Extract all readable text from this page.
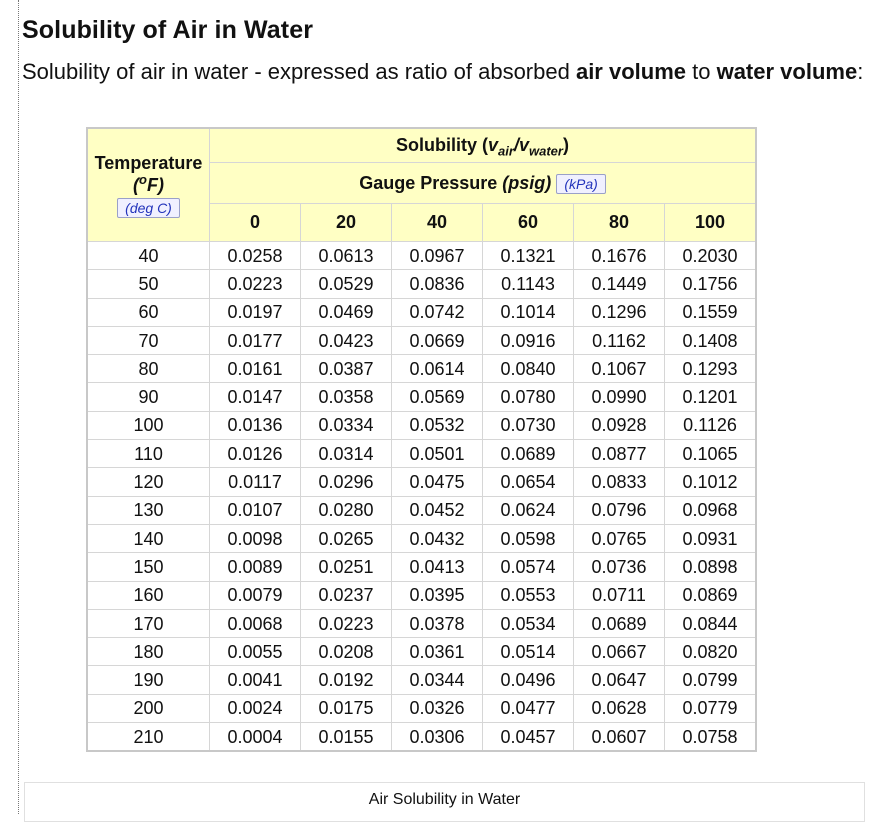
Solubility of Air in Water

Solubility of air in water - expressed as ratio of absorbed air volume to water volume:

Temperature
($^o$F)
(deg C)	Solubility $(v_{air}/v_{water})$					
	Gauge Pressure (psig) (kPa)					
	0	20	40	60	80	100
40	0.0258	0.0613	0.0967	0.1321	0.1676	0.2030
50	0.0223	0.0529	0.0836	0.1143	0.1449	0.1756
60	0.0197	0.0469	0.0742	0.1014	0.1296	0.1559
70	0.0177	0.0423	0.0669	0.0916	0.1162	0.1408
80	0.0161	0.0387	0.0614	0.0840	0.1067	0.1293
90	0.0147	0.0358	0.0569	0.0780	0.0990	0.1201
100	0.0136	0.0334	0.0532	0.0730	0.0928	0.1126
110	0.0126	0.0314	0.0501	0.0689	0.0877	0.1065
120	0.0117	0.0296	0.0475	0.0654	0.0833	0.1012
130	0.0107	0.0280	0.0452	0.0624	0.0796	0.0968
140	0.0098	0.0265	0.0432	0.0598	0.0765	0.0931
150	0.0089	0.0251	0.0413	0.0574	0.0736	0.0898
160	0.0079	0.0237	0.0395	0.0553	0.0711	0.0869
170	0.0068	0.0223	0.0378	0.0534	0.0689	0.0844
180	0.0055	0.0208	0.0361	0.0514	0.0667	0.0820
190	0.0041	0.0192	0.0344	0.0496	0.0647	0.0799
200	0.0024	0.0175	0.0326	0.0477	0.0628	0.0779
210	0.0004	0.0155	0.0306	0.0457	0.0607	0.0758
Air Solubility in Water
